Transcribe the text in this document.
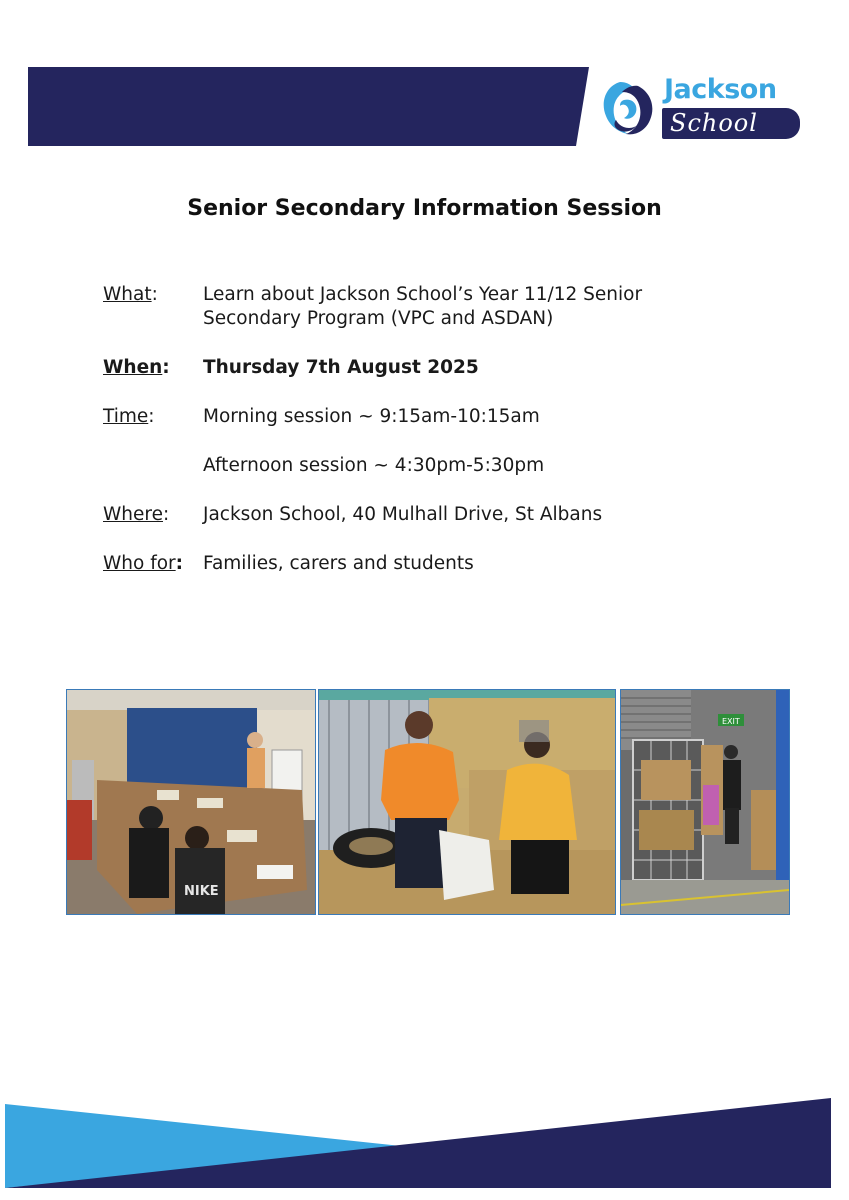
Jackson
School
Senior Secondary Information Session
What:	Learn about Jackson School’s Year 11/12 Senior
Secondary Program (VPC and ASDAN)
When:	Thursday 7th August 2025
Time:	Morning session ~ 9:15am-10:15am
Afternoon session ~ 4:30pm-5:30pm
Where:	Jackson School, 40 Mulhall Drive, St Albans
Who for:	Families, carers and students
NIKE
EXIT
